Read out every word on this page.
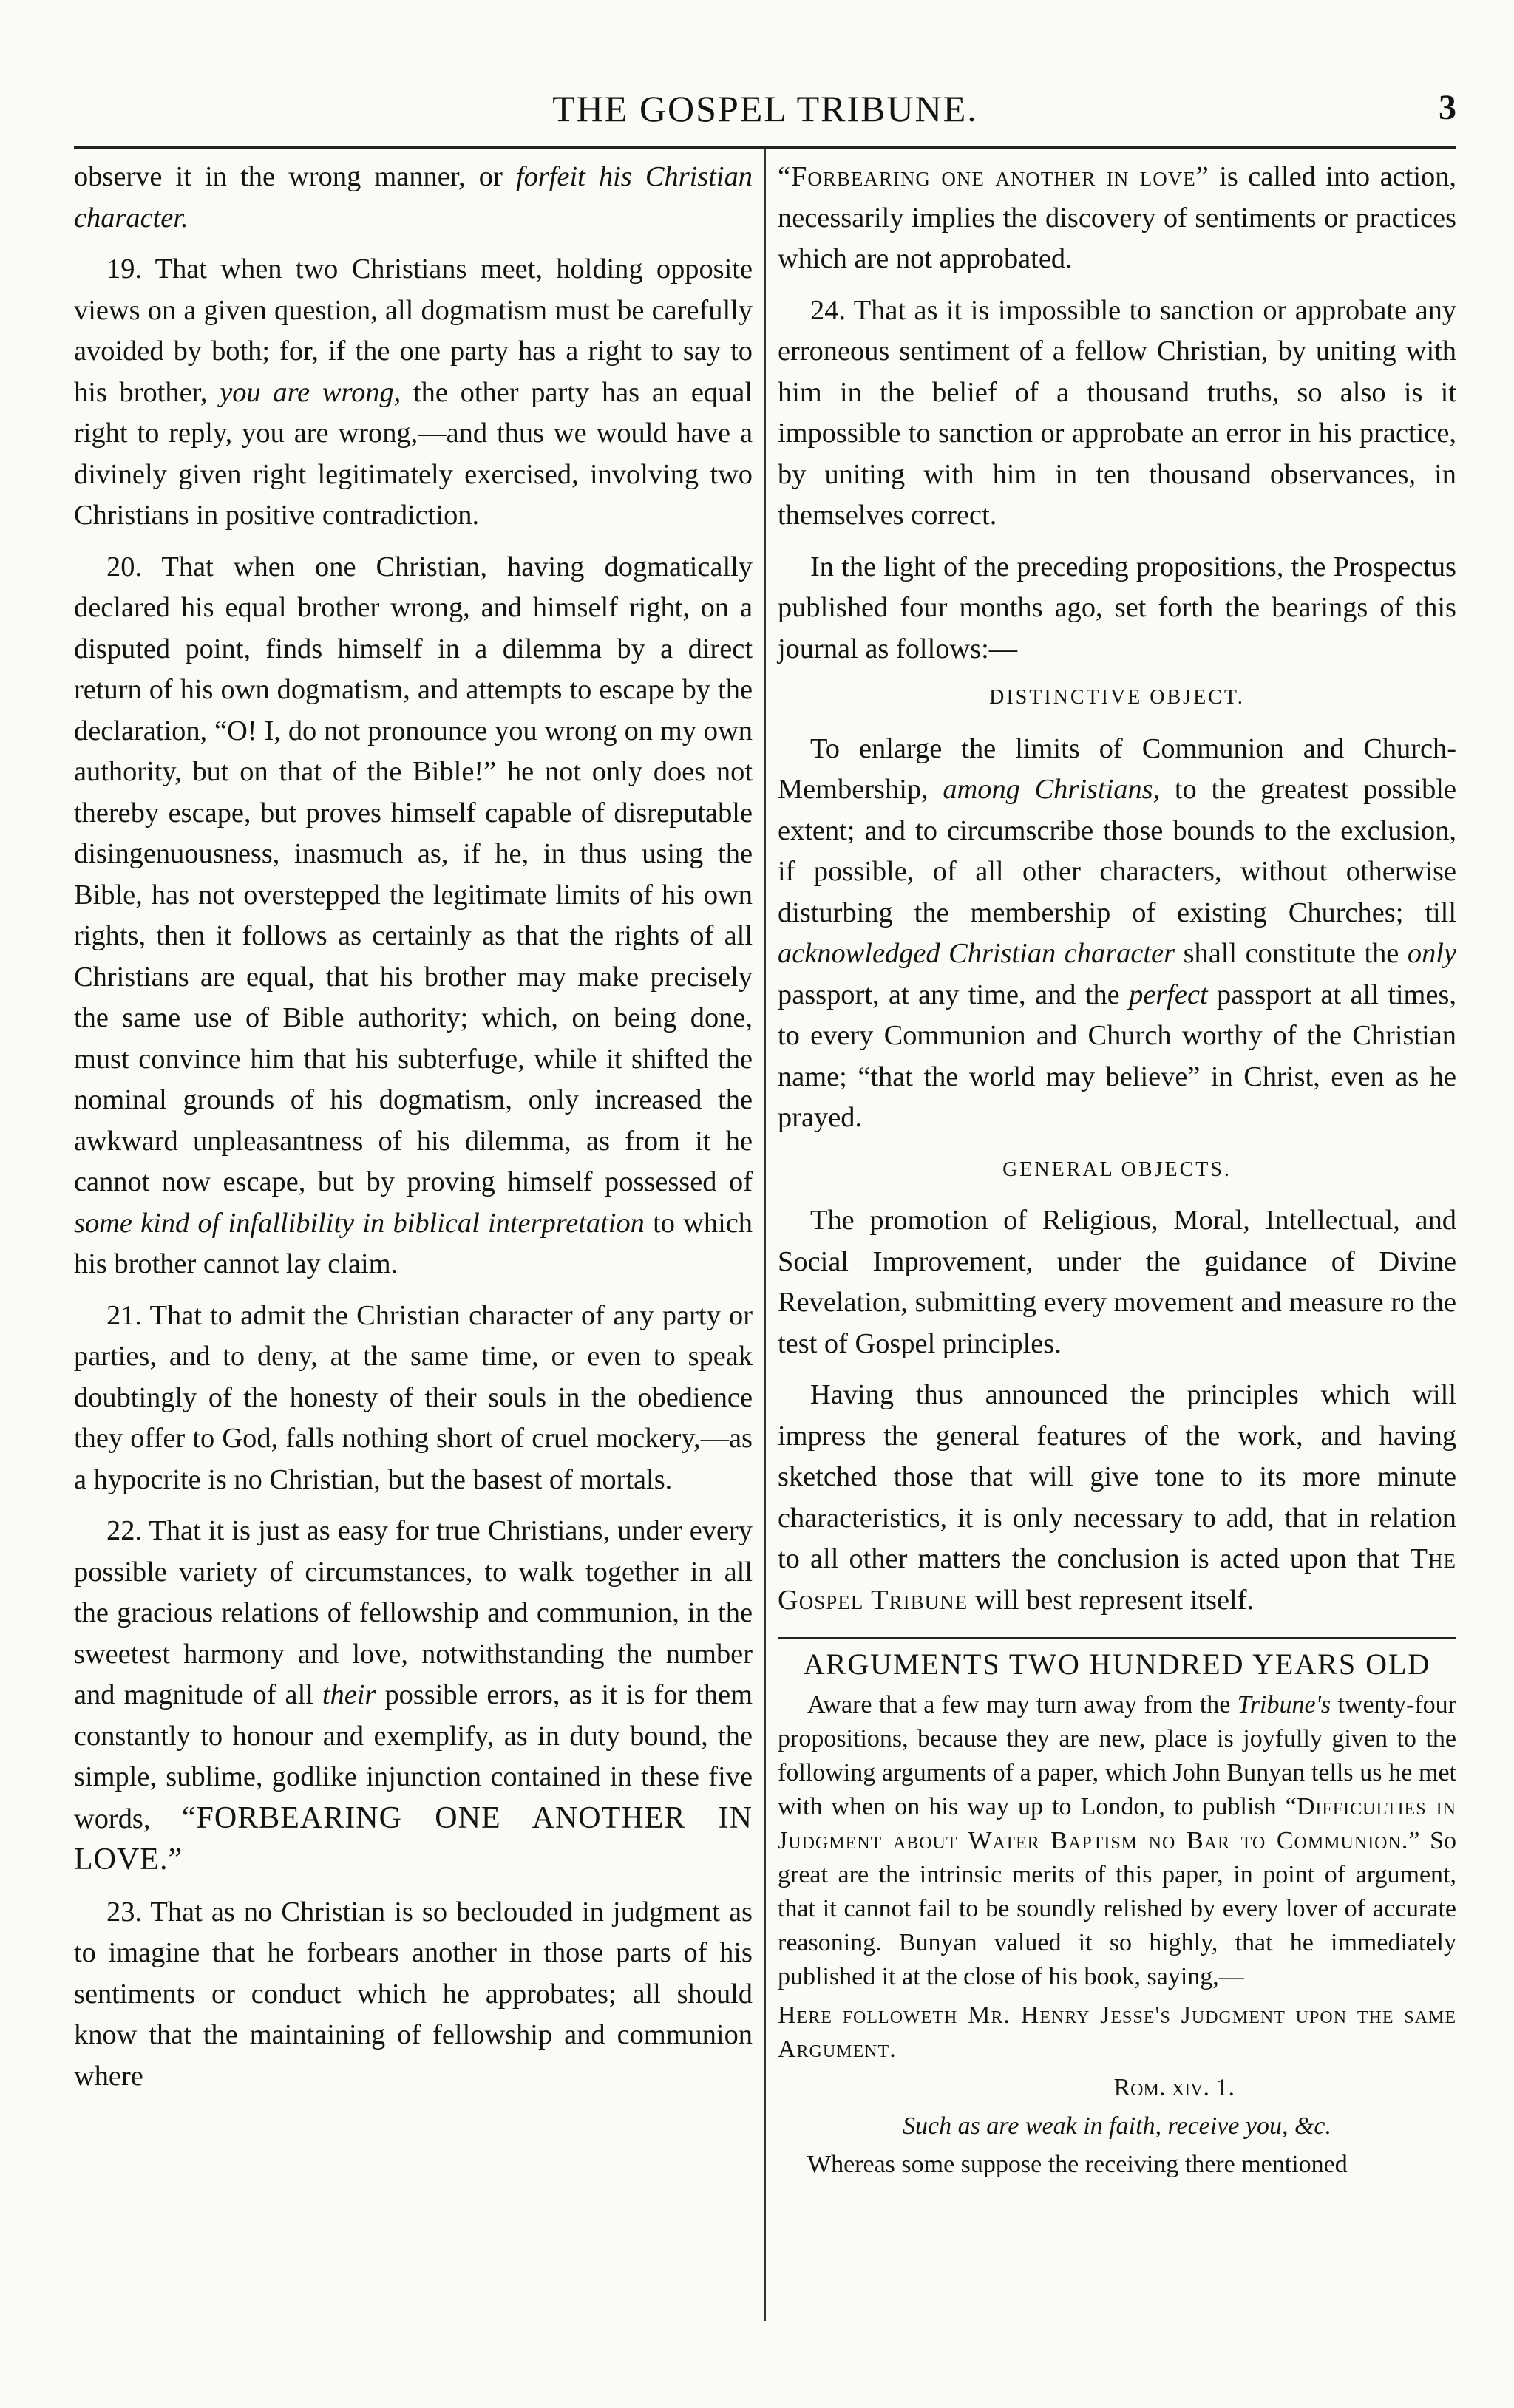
THE GOSPEL TRIBUNE.	3

observe it in the wrong manner, or forfeit his Christian character.

19. That when two Christians meet, holding opposite views on a given question, all dogmatism must be carefully avoided by both; for, if the one party has a right to say to his brother, you are wrong, the other party has an equal right to reply, you are wrong,—and thus we would have a divinely given right legitimately exercised, involving two Christians in positive contradiction.

20. That when one Christian, having dogmatically declared his equal brother wrong, and himself right, on a disputed point, finds himself in a dilemma by a direct return of his own dogmatism, and attempts to escape by the declaration, “O! I, do not pronounce you wrong on my own authority, but on that of the Bible!” he not only does not thereby escape, but proves himself capable of disreputable disingenuousness, inasmuch as, if he, in thus using the Bible, has not overstepped the legitimate limits of his own rights, then it follows as certainly as that the rights of all Christians are equal, that his brother may make precisely the same use of Bible authority; which, on being done, must convince him that his subterfuge, while it shifted the nominal grounds of his dogmatism, only increased the awkward unpleasantness of his dilemma, as from it he cannot now escape, but by proving himself possessed of some kind of infallibility in biblical interpretation to which his brother cannot lay claim.

21. That to admit the Christian character of any party or parties, and to deny, at the same time, or even to speak doubtingly of the honesty of their souls in the obedience they offer to God, falls nothing short of cruel mockery,—as a hypocrite is no Christian, but the basest of mortals.

22. That it is just as easy for true Christians, under every possible variety of circumstances, to walk together in all the gracious relations of fellowship and communion, in the sweetest harmony and love, notwithstanding the number and magnitude of all their possible errors, as it is for them constantly to honour and exemplify, as in duty bound, the simple, sublime, godlike injunction contained in these five words, “FORBEARING ONE ANOTHER IN LOVE.”

23. That as no Christian is so beclouded in judgment as to imagine that he forbears another in those parts of his sentiments or conduct which he approbates; all should know that the maintaining of fellowship and communion where

“Forbearing one another in love” is called into action, necessarily implies the discovery of sentiments or practices which are not approbated.

24. That as it is impossible to sanction or approbate any erroneous sentiment of a fellow Christian, by uniting with him in the belief of a thousand truths, so also is it impossible to sanction or approbate an error in his practice, by uniting with him in ten thousand observances, in themselves correct.

In the light of the preceding propositions, the Prospectus published four months ago, set forth the bearings of this journal as follows:—

DISTINCTIVE OBJECT.

To enlarge the limits of Communion and Church-Membership, among Christians, to the greatest possible extent; and to circumscribe those bounds to the exclusion, if possible, of all other characters, without otherwise disturbing the membership of existing Churches; till acknowledged Christian character shall constitute the only passport, at any time, and the perfect passport at all times, to every Communion and Church worthy of the Christian name; “that the world may believe” in Christ, even as he prayed.

GENERAL OBJECTS.

The promotion of Religious, Moral, Intellectual, and Social Improvement, under the guidance of Divine Revelation, submitting every movement and measure ro the test of Gospel principles.

Having thus announced the principles which will impress the general features of the work, and having sketched those that will give tone to its more minute characteristics, it is only necessary to add, that in relation to all other matters the conclusion is acted upon that The Gospel Tribune will best represent itself.

ARGUMENTS TWO HUNDRED YEARS OLD

Aware that a few may turn away from the Tribune's twenty-four propositions, because they are new, place is joyfully given to the following arguments of a paper, which John Bunyan tells us he met with when on his way up to London, to publish “Difficulties in Judgment about Water Baptism no Bar to Communion.” So great are the intrinsic merits of this paper, in point of argument, that it cannot fail to be soundly relished by every lover of accurate reasoning. Bunyan valued it so highly, that he immediately published it at the close of his book, saying,—

Here followeth Mr. Henry Jesse's Judgment upon the same Argument.

Rom. xiv. 1.

Such as are weak in faith, receive you, &c.

Whereas some suppose the receiving there mentioned
